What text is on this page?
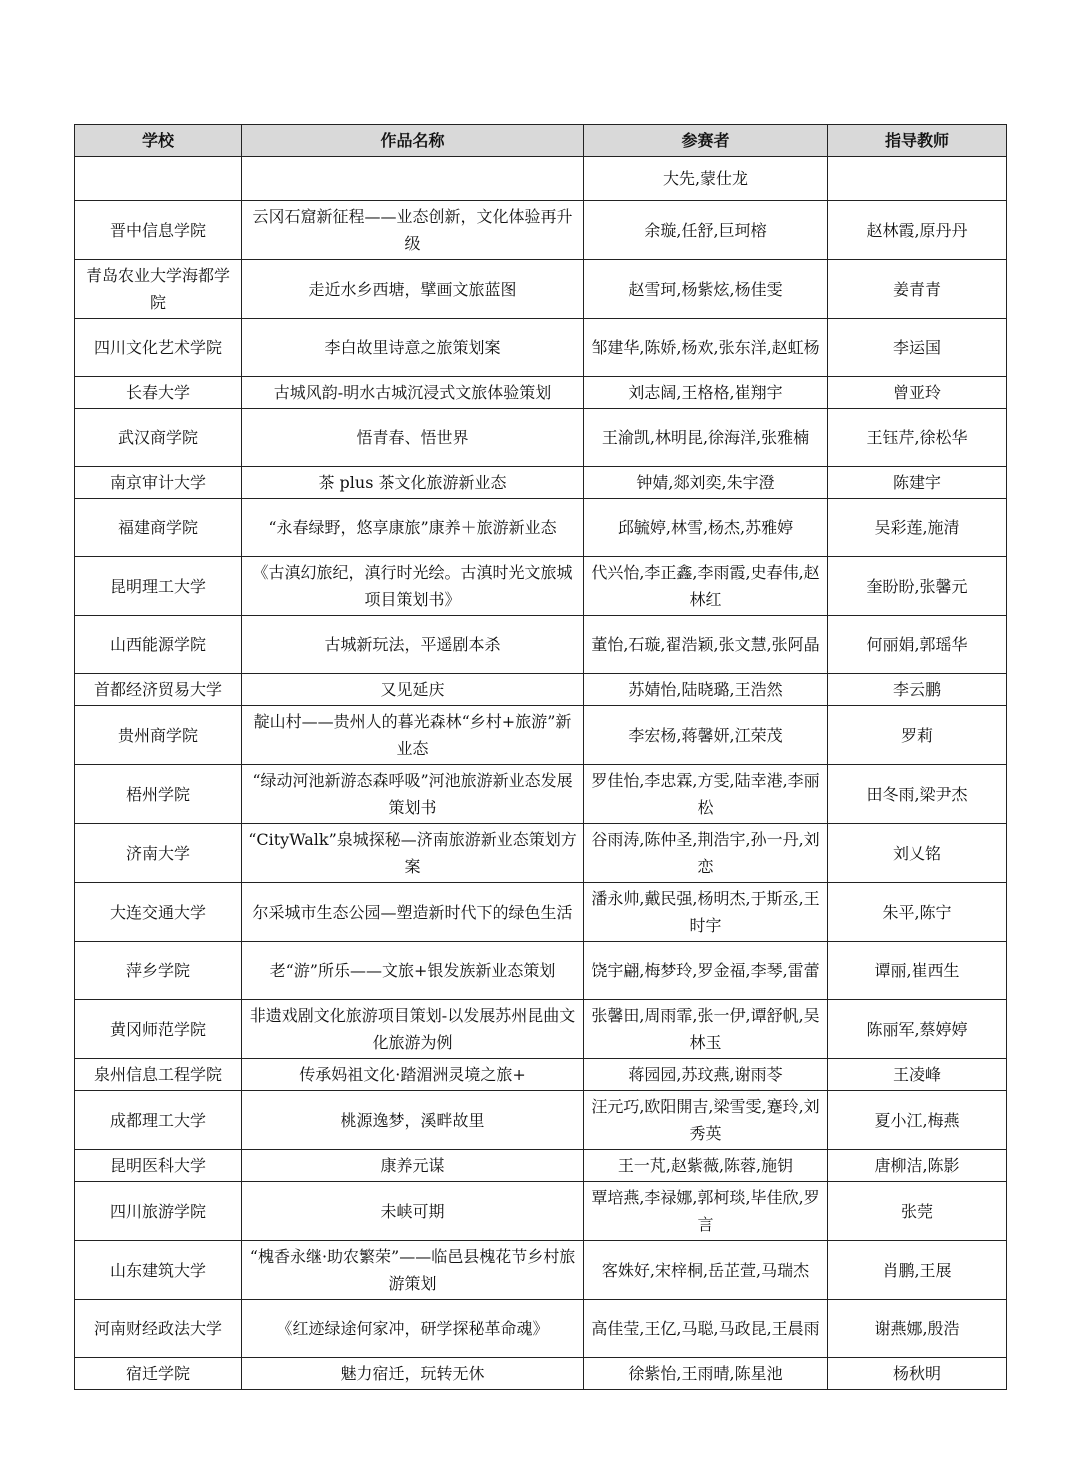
学校	作品名称	参赛者	指导教师
		大先,蒙仕龙	
晋中信息学院	云冈石窟新征程——业态创新，文化体验再升级	余璇,任舒,巨珂榕	赵林霞,原丹丹
青岛农业大学海都学院	走近水乡西塘，擘画文旅蓝图	赵雪珂,杨紫炫,杨佳雯	姜青青
四川文化艺术学院	李白故里诗意之旅策划案	邹建华,陈娇,杨欢,张东洋,赵虹杨	李运国
长春大学	古城风韵-明水古城沉浸式文旅体验策划	刘志阔,王格格,崔翔宇	曾亚玲
武汉商学院	悟青春、悟世界	王渝凯,林明昆,徐海洋,张雅楠	王钰芹,徐松华
南京审计大学	茶 plus 茶文化旅游新业态	钟婧,郯刘奕,朱宇澄	陈建宇
福建商学院	“永春绿野，悠享康旅”康养＋旅游新业态	邱毓婷,林雪,杨杰,苏雅婷	吴彩莲,施清
昆明理工大学	《古滇幻旅纪，滇行时光绘。古滇时光文旅城项目策划书》	代兴怡,李正鑫,李雨霞,史春伟,赵林红	奎盼盼,张馨元
山西能源学院	古城新玩法，平遥剧本杀	董怡,石璇,翟浩颖,张文慧,张阿晶	何丽娟,郭瑶华
首都经济贸易大学	又见延庆	苏婧怡,陆晓璐,王浩然	李云鹏
贵州商学院	靛山村——贵州人的暮光森林“乡村+旅游”新业态	李宏杨,蒋馨妍,江荣茂	罗莉
梧州学院	“绿动河池新游态森呼吸”河池旅游新业态发展策划书	罗佳怡,李忠霖,方雯,陆幸港,李丽松	田冬雨,梁尹杰
济南大学	“CityWalk”泉城探秘—济南旅游新业态策划方案	谷雨涛,陈仲圣,荆浩宇,孙一丹,刘恋	刘乂铭
大连交通大学	尔采城市生态公园—塑造新时代下的绿色生活	潘永帅,戴民强,杨明杰,于斯丞,王时宇	朱平,陈宁
萍乡学院	老“游”所乐——文旅+银发族新业态策划	饶宇翩,梅梦玲,罗金福,李琴,雷蕾	谭丽,崔西生
黄冈师范学院	非遗戏剧文化旅游项目策划-以发展苏州昆曲文化旅游为例	张馨田,周雨霏,张一伊,谭舒帆,吴林玉	陈丽军,蔡婷婷
泉州信息工程学院	传承妈祖文化·踏湄洲灵境之旅+	蒋园园,苏玟燕,谢雨苓	王凌峰
成都理工大学	桃源逸梦，溪畔故里	汪元巧,欧阳開吉,梁雪雯,蹇玲,刘秀英	夏小江,梅燕
昆明医科大学	康养元谋	王一芃,赵紫薇,陈蓉,施钥	唐柳洁,陈影
四川旅游学院	未峡可期	覃培燕,李禄娜,郭柯琰,毕佳欣,罗言	张莞
山东建筑大学	“槐香永继·助农繁荣”——临邑县槐花节乡村旅游策划	客姝好,宋梓桐,岳芷萱,马瑞杰	肖鹏,王展
河南财经政法大学	《红迹绿途何家冲，研学探秘革命魂》	高佳莹,王亿,马聪,马政昆,王晨雨	谢燕娜,殷浩
宿迁学院	魅力宿迁，玩转无休	徐紫怡,王雨晴,陈星池	杨秋明
